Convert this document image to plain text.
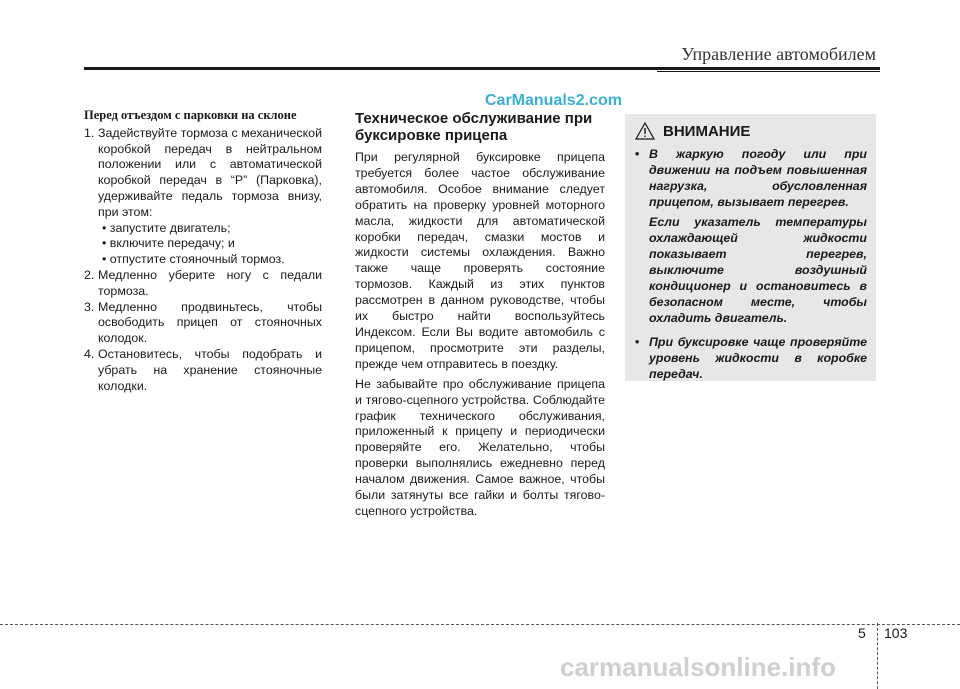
Управление автомобилем
CarManuals2.com
Перед отъездом с парковки на склоне
1. Задействуйте тормоза с механической коробкой передач в нейтральном положении или с автоматической коробкой передач в “P” (Парковка), удерживайте педаль тормоза внизу, при этом:
• запустите двигатель;
• включите передачу; и
• отпустите стояночный тормоз.
2. Медленно уберите ногу с педали тормоза.
3. Медленно продвиньтесь, чтобы освободить прицеп от стояночных колодок.
4. Остановитесь, чтобы подобрать и убрать на хранение стояночные колодки.
Техническое обслуживание при буксировке прицепа

При регулярной буксировке прицепа требуется более частое обслуживание автомобиля. Особое внимание следует обратить на проверку уровней моторного масла, жидкости для автоматической коробки передач, смазки мостов и жидкости системы охлаждения. Важно также чаще проверять состояние тормозов. Каждый из этих пунктов рассмотрен в данном руководстве, чтобы их быстро найти воспользуйтесь Индексом. Если Вы водите автомобиль с прицепом, просмотрите эти разделы, прежде чем отправитесь в поездку.

Не забывайте про обслуживание прицепа и тягово-сцепного устройства. Соблюдайте график технического обслуживания, приложенный к прицепу и периодически проверяйте его. Желательно, чтобы проверки выполнялись ежедневно перед началом движения. Самое важное, чтобы были затянуты все гайки и болты тягово-сцепного устройства.

ВНИМАНИЕ
• В жаркую погоду или при движении на подъем повышенная нагрузка, обусловленная прицепом, вызывает перегрев.

Если указатель температуры охлаждающей жидкости показывает перегрев, выключите воздушный кондиционер и остановитесь в безопасном месте, чтобы охладить двигатель.

• При буксировке чаще проверяйте уровень жидкости в коробке передач.

5 103
carmanualsonline.info
